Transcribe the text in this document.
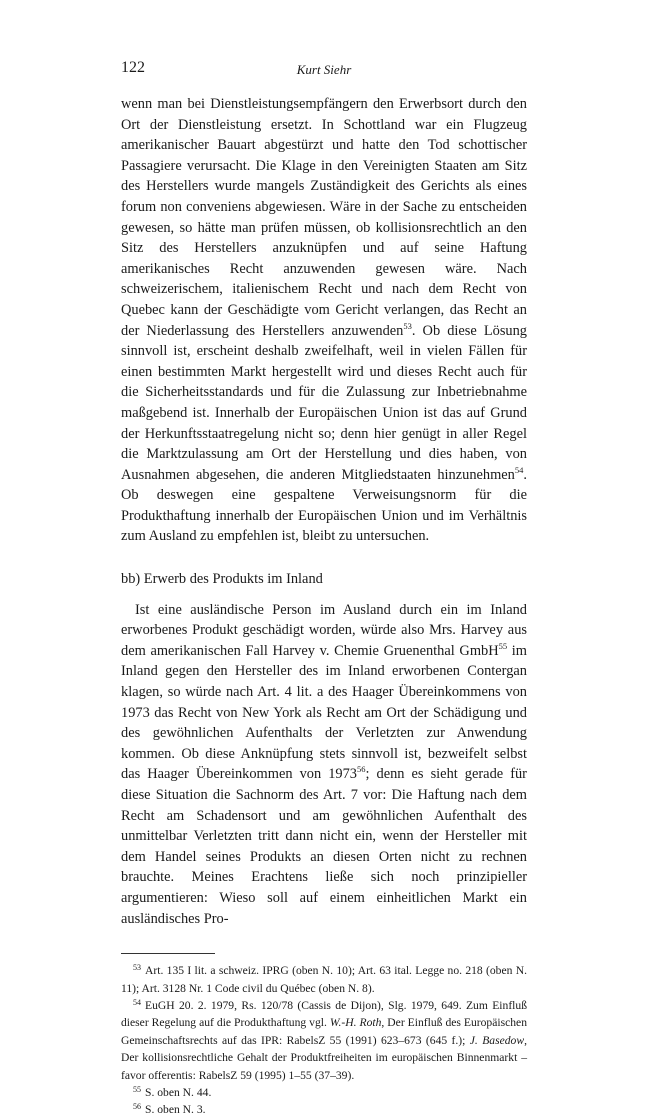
122	Kurt Siehr

wenn man bei Dienstleistungsempfängern den Erwerbsort durch den Ort der Dienstleistung ersetzt. In Schottland war ein Flugzeug amerikanischer Bauart abgestürzt und hatte den Tod schottischer Passagiere verursacht. Die Klage in den Vereinigten Staaten am Sitz des Herstellers wurde mangels Zuständigkeit des Gerichts als eines forum non conveniens abgewiesen. Wäre in der Sache zu entscheiden gewesen, so hätte man prüfen müssen, ob kollisionsrechtlich an den Sitz des Herstellers anzuknüpfen und auf seine Haftung amerikanisches Recht anzuwenden gewesen wäre. Nach schweizerischem, italienischem Recht und nach dem Recht von Quebec kann der Geschädigte vom Gericht verlangen, das Recht an der Niederlassung des Herstellers anzuwenden$^{53}$. Ob diese Lösung sinnvoll ist, erscheint deshalb zweifelhaft, weil in vielen Fällen für einen bestimmten Markt hergestellt wird und dieses Recht auch für die Sicherheitsstandards und für die Zulassung zur Inbetriebnahme maßgebend ist. Innerhalb der Europäischen Union ist das auf Grund der Herkunftsstaatregelung nicht so; denn hier genügt in aller Regel die Marktzulassung am Ort der Herstellung und dies haben, von Ausnahmen abgesehen, die anderen Mitgliedstaaten hinzunehmen$^{54}$. Ob deswegen eine gespaltene Verweisungsnorm für die Produkthaftung innerhalb der Europäischen Union und im Verhältnis zum Ausland zu empfehlen ist, bleibt zu untersuchen.

bb) Erwerb des Produkts im Inland

Ist eine ausländische Person im Ausland durch ein im Inland erworbenes Produkt geschädigt worden, würde also Mrs. Harvey aus dem amerikanischen Fall Harvey v. Chemie Gruenenthal GmbH$^{55}$ im Inland gegen den Hersteller des im Inland erworbenen Contergan klagen, so würde nach Art. 4 lit. a des Haager Übereinkommens von 1973 das Recht von New York als Recht am Ort der Schädigung und des gewöhnlichen Aufenthalts der Verletzten zur Anwendung kommen. Ob diese Anknüpfung stets sinnvoll ist, bezweifelt selbst das Haager Übereinkommen von 1973$^{56}$; denn es sieht gerade für diese Situation die Sachnorm des Art. 7 vor: Die Haftung nach dem Recht am Schadensort und am gewöhnlichen Aufenthalt des unmittelbar Verletzten tritt dann nicht ein, wenn der Hersteller mit dem Handel seines Produkts an diesen Orten nicht zu rechnen brauchte. Meines Erachtens ließe sich noch prinzipieller argumentieren: Wieso soll auf einem einheitlichen Markt ein ausländisches Pro-

$^{53}$ Art. 135 I lit. a schweiz. IPRG (oben N. 10); Art. 63 ital. Legge no. 218 (oben N. 11); Art. 3128 Nr. 1 Code civil du Québec (oben N. 8).

$^{54}$ EuGH 20. 2. 1979, Rs. 120/78 (Cassis de Dijon), Slg. 1979, 649. Zum Einfluß dieser Regelung auf die Produkthaftung vgl. W.-H. Roth, Der Einfluß des Europäischen Gemeinschaftsrechts auf das IPR: RabelsZ 55 (1991) 623–673 (645 f.); J. Basedow, Der kollisionsrechtliche Gehalt der Produktfreiheiten im europäischen Binnenmarkt – favor offerentis: RabelsZ 59 (1995) 1–55 (37–39).

$^{55}$ S. oben N. 44.

$^{56}$ S. oben N. 3.
